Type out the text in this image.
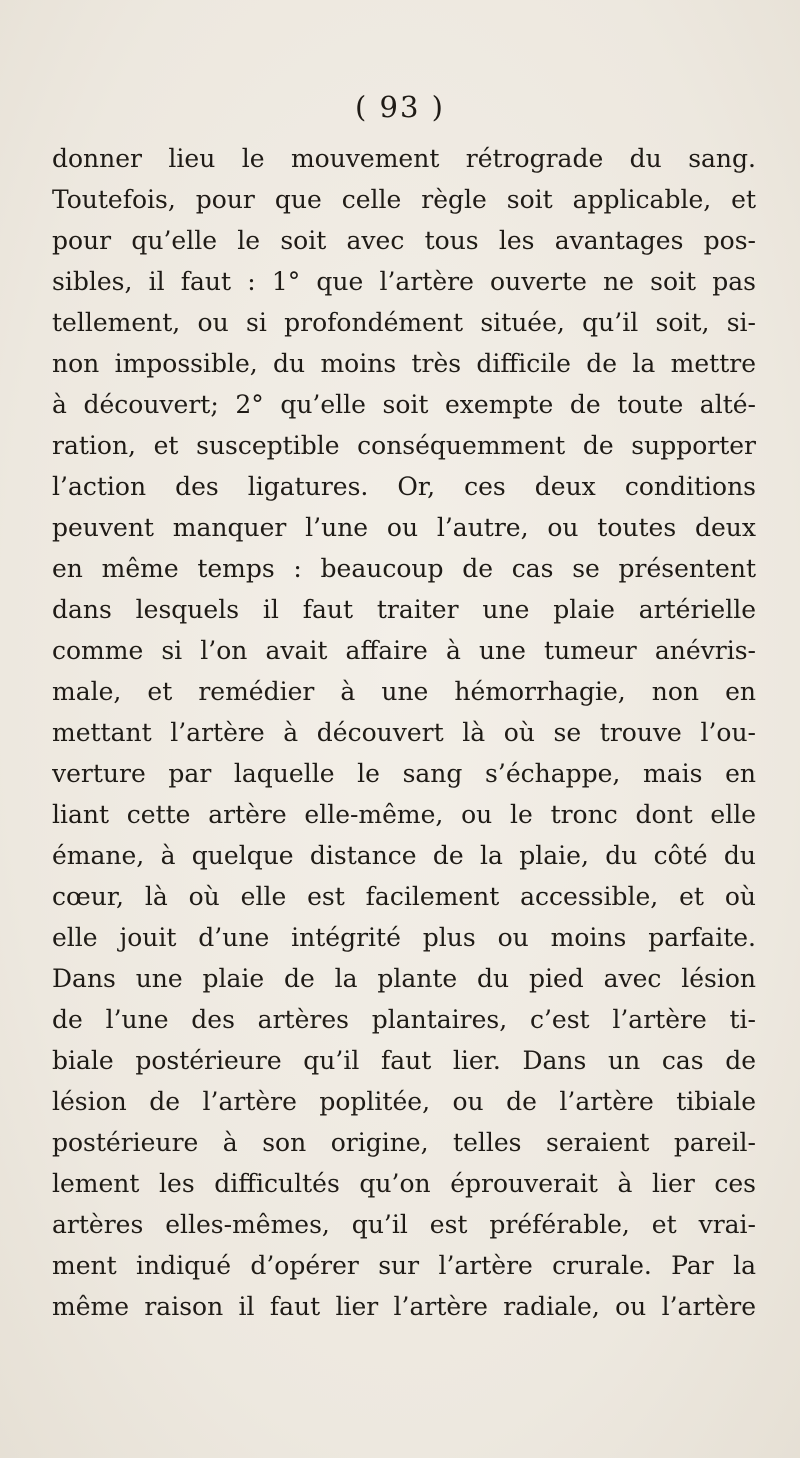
( 93 )
donner lieu le mouvement rétrograde du sang.
Toutefois, pour que celle règle soit applicable, et
pour qu’elle le soit avec tous les avantages pos-
sibles, il faut : 1° que l’artère ouverte ne soit pas
tellement, ou si profondément située, qu’il soit, si-
non impossible, du moins très difficile de la mettre
à découvert; 2° qu’elle soit exempte de toute alté-
ration, et susceptible conséquemment de supporter
l’action des ligatures. Or, ces deux conditions
peuvent manquer l’une ou l’autre, ou toutes deux
en même temps : beaucoup de cas se présentent
dans lesquels il faut traiter une plaie artérielle
comme si l’on avait affaire à une tumeur anévris-
male, et remédier à une hémorrhagie, non en
mettant l’artère à découvert là où se trouve l’ou-
verture par laquelle le sang s’échappe, mais en
liant cette artère elle-même, ou le tronc dont elle
émane, à quelque distance de la plaie, du côté du
cœur, là où elle est facilement accessible, et où
elle jouit d’une intégrité plus ou moins parfaite.
Dans une plaie de la plante du pied avec lésion
de l’une des artères plantaires, c’est l’artère ti-
biale postérieure qu’il faut lier. Dans un cas de
lésion de l’artère poplitée, ou de l’artère tibiale
postérieure à son origine, telles seraient pareil-
lement les difficultés qu’on éprouverait à lier ces
artères elles-mêmes, qu’il est préférable, et vrai-
ment indiqué d’opérer sur l’artère crurale. Par la
même raison il faut lier l’artère radiale, ou l’artère
